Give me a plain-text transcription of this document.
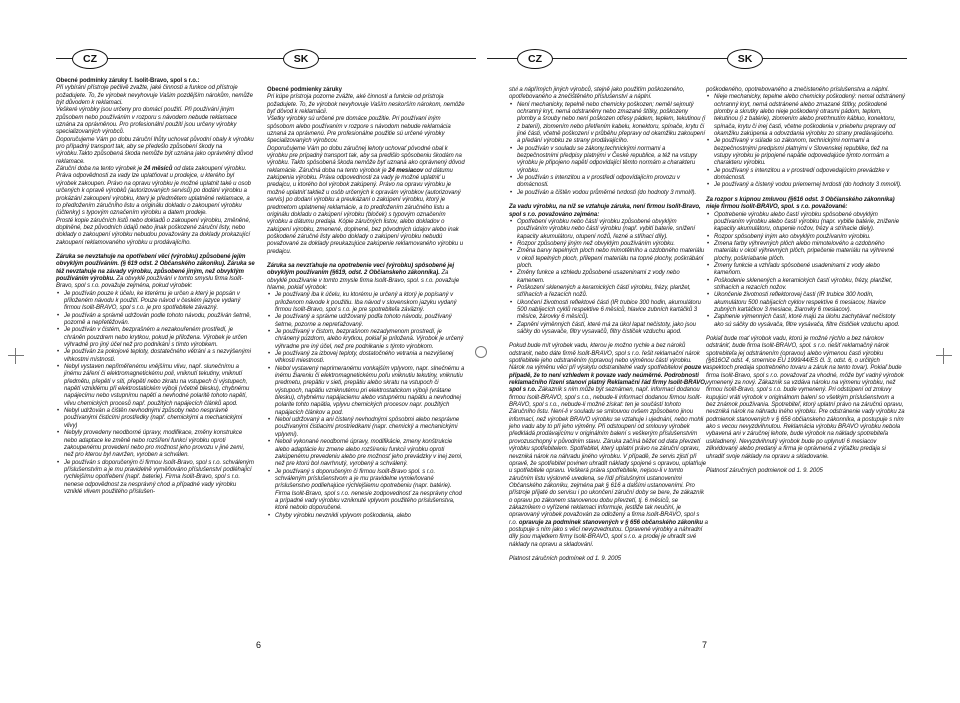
CZ	SK	CZ	SK

Obecné podmínky záruky f. Isolit-Bravo, spol s r.o.:

Při vybírání přístroje pečlivě zvažte, jaké činnosti a funkce od přístroje požadujete. To, že výrobek nevyhovuje Vašim pozdějším nárokům, nemůže být důvodem k reklamaci.

Veškeré výrobky jsou určeny pro domácí použití. Při používání jiným způsobem nebo používáním v rozporu s návodem nebude reklamace uznána za oprávněnou. Pro profesionální použití jsou určeny výrobky specializovaných výrobců.

Doporučujeme Vám po dobu záruční lhůty uchovat původní obaly k výrobku pro případný transport tak, aby se předešlo způsobení škody na výrobku.Takto způsobená škoda nemůže být uznána jako oprávněný důvod reklamace.

Záruční doba na tento výrobek je 24 měsíců od data zakoupení výrobku. Práva odpovědnosti za vady lze uplatňovat u prodejce, u kterého byl výrobek zakoupen. Právo na opravu výrobku je možné uplatnit také u osob určených k opravě výrobků (autorizovaných servisů) po dodání výrobku a prokázání zakoupení výrobku, který je předmětem uplatněné reklamace, a to předložením záručního listu a originálu dokladu o zakoupení výrobku (účtenky) s typovým označením výrobku a datem prodeje.

Prosté kopie záručních listů nebo dokladů o zakoupení výrobku, změněné, doplněné, bez původních údajů nebo jinak poškozené záruční listy, nebo doklady o zakoupení výrobku nebudou považovány za doklady prokazující zakoupení reklamovaného výrobku u prodávajícího.

Záruka se nevztahuje na opotřebení věcí (výrobku) způsobené jejím obvyklým používáním. (§ 619 odst. 2 Občanského zákoníku). Záruka se též nevztahuje na závady výrobku, způsobené jiným, než obvyklým používáním výrobku. Za obvyklé používání v tomto smyslu firma Isolit-Bravo, spol s r.o. považuje zejména, pokud výrobek:

• Je používán pouze k účelu, ke kterému je určen a který je popsán v přiloženém návodu k použití. Pouze návod v českém jazyce vydaný firmou Isolit-BRAVO, spol s r.o. je pro spotřebitele závazný.
• Je používán a správně udržován podle tohoto návodu, používán šetrně, pozorně a nepřetěžován.
• Je používán v čistém, bezprašném a nezakouřeném prostředí, je chráněn pouzdrem nebo krytkou, pokud je přiložena. Výrobek je určen výhradně pro jiný účel než pro podnikání s tímto výrobkem.
• Je používán za pokojové teploty, dostatečného větrání a s nezvýšenými vlhkostmi místnosti.
• Nebyl vystaven nepřiměřenému vnějšímu vlivu, např. slunečnímu a jinému záření či elektromagnetickému poli, vniknutí tekutiny, vniknutí předmětu, přepětí v síti, přepětí nebo zkratu na vstupech či výstupech, napětí vzniklému při elektrostatickém výboji (včetně blesku), chybnému napájecímu nebo vstupnímu napětí a nevhodné polaritě tohoto napětí, vlivu chemických procesů např. použitých napájecích článků apod.
• Nebyl udržován a čištěn nevhodnými způsoby nebo nesprávně používanými čisticími prostředky (např. chemickými a mechanickými vlivy)
• Nebyly provedeny neodborné úpravy, modifikace, změny konstrukce nebo adaptace ke změně nebo rozšíření funkcí výrobku oproti zakoupenému provedení nebo pro možnost jeho provozu v jiné zemi, než pro kterou byl navržen, vyroben a schválen.
• Je používán s doporučeným či firmou Isolit-Bravo, spol s r.o. schváleným příslušenstvím a je mu pravidelně vyměňováno příslušenství podléhající rychlejšímu opotřebení (např. baterie). Firma Isolit-Bravo, spol s r.o. nenese odpovědnost za nesprávný chod a případné vady výrobku vzniklé vlivem použitého příslušen-

Obecné podmienky záruky

Pri kúpe prístroja pozorne zvážte, aké činnosti a funkcie od prístroja požadujete. To, že výrobok nevyhovuje Vaším neskorším nárokom, nemôže byť dôvod k reklamácii.

Všetky výrobky sú určené pre domáce použitie. Pri používaní iným spôsobom alebo používaním v rozpore s návodom nebude reklamácia uznaná za oprávnenú. Pre profesionálne použitie sú určené výrobky špecializovaných výrobcov.

Doporučujeme Vám po dobu záručnej lehoty uchovať pôvodné obal k výrobku pre prípadný transport tak, aby sa predišlo spôsobeniu škodám na výrobku. Takto spôsobená škoda nemôže byť uznaná ako oprávnený dôvod reklamácie. Záručná doba na tento výrobok je 24 mesiacov od dátumu zakúpenia výrobku. Práva odpovednosti za vady je možné uplatniť u predajcu, u ktorého bol výrobok zakúpený. Právo na opravu výrobku je možné uplatniť taktiež u osôb určených k opravám výrobkov (autorizovaný servis) po dodaní výrobku a preukázaní o zakúpení výrobku, ktorý je predmetom uplatnenej reklamácie, a to predložením záručného listu a originálu dokladu o zakúpení výrobku (bloček) s typovým označením výrobku a dátumu predaja. Kópie záručných listov, alebo dokladov o zakúpení výrobku, zmenené, doplnené, bez pôvodných údajov alebo inak poškodené záručné listy alebo doklady o zakúpení výrobku nebudú považované za doklady preukazujúce zakúpenie reklamovaného výrobku u predajcu.

Záruka sa nevzťahuje na opotrebenie vecí (výrobku) spôsobené jej obvyklým používaním (§619, odst. 2 Občianskeho zákonníka). Za obvyklé používanie v tomto zmysle firma Isolit-Bravo, spol. s r.o. považuje hlavne, pokiaľ výrobok:

• Je používaný iba k účelu, ku ktorému je určený a ktorý je popísaný v priloženom návode k použitiu. Iba návod v slovenskom jazyku vydaný firmou Isolit-Bravo, spol s r.o. je pre spotrebiteľa záväzný.
• Je používaný a správne udržovaný podľa tohoto návodu, používaný šetrne, pozorne a nepreťažovaný.
• Je používaný v čistom, bezprašnom nezadymenom prostredí, je chránený púzdrom, alebo krytkou, pokiaľ je priložená. Výrobok je určený výhradne pre iný účel, než pre podnikanie s týmto výrobkom.
• Je používaný za izbovej teploty, dostatočného vetrania a nezvýšenej vlhkosti miestnosti.
• Nebol vystavený neprimeranému vonkajším vplyvom, napr. slnečnému a inému žiareniu či elektromagnetickému poľu vniknutiu tekutiny, vniknutiu predmetu, prepätiu v sieti, prepätiu alebo skratu na vstupoch či výstupoch, napätiu vzniknutému pri elektrostatickom výboji (vrátane blesku), chybnému napájaciemu alebo vstupnému napätiu a nevhodnej polarite tohto napätia, vplyvu chemických procesov napr. použitých napájacích článkov a pod.
• Nebol udržovaný a ani čistený nevhodnými spôsobmi alebo nesprávne používanými čistiacimi prostriedkami (napr. chemický a mechanickými vplyvmi).
• Neboli vykonané neodborné úpravy, modifikácie, zmeny konštrukcie alebo adaptácie ku zmene alebo rozšíreniu funkcii výrobku oproti zakúpenému prevedeniu alebo pre možnosť jeho prevádzky v inej zemi, než pre ktorú bol navrhnutý, vyrobený a schválený.
• Je používaný s doporučeným či firmou Isolit-Bravo spol. s r.o. schváleným príslušenstvom a je mu pravidelne vymieňované príslušenstvo podliehajúce rýchlejšiemu opotrebeniu (napr. batérie). Firma Isolit-Bravo, spol s r.o. nenesie zodpovednosť za nesprávny chod a prípadné vady výrobku vzniknuté vplyvom použitého príslušenstva, ktoré nebolo doporučené.
• Chyby výrobku nevznikli vplyvom poškodenia, alebo

stvi a nápřímých jiných výrobců, stejně jako použitím poškozeného, opotřebovaného a znečištěného příslušenství a náplní.

• Není mechanicky, tepelně nebo chemicky poškozen; neměl sejmutý ochranný kryt, nemá odstraněny nebo zmazané štítky, poškozeny plomby a šrouby nebo není poškozen otřesy pádem, teplem, tekutinou (i z baterií), zlomením nebo přetřením kabelu, konektoru, spínače, krytu či jiné části, včetně poškození v průběhu přepravy od okamžiku zakoupení a předání výrobku ze strany prodávajícího.
• Je používán v souladu se zákony,technickými normami a bezpečnostními předpisy platnými v České republice, a též na vstupy výrobku je připojeno napětí odpovídající těmto normám a charakteru výrobku.
• Je používán s intenzitou a v prostředí odpovídajícím provozu v domácnosti.
• Je používán a čištěn vodou průměrné tvrdosti (do hodnoty 3 mmol/l).

Za vadu výrobku, na níž se vztahuje záruka, není firmou Isolit-Bravo, spol s r.o. považováno zejména:

• Opotřebení výrobku nebo částí výrobku způsobené obvyklým používáním výrobku nebo částí výrobku (např. vybití baterie, snížení kapacity akumulátoru, otupení nožů, řezné a střihací díly).
• Rozpor způsobený jiným než obvyklým používáním výrobku.
• Změna barvy tepelných ploch nebo mimotělního a ozdobného materiálu v okolí tepelných ploch, přilepení materiálu na topné plochy, poškrábání ploch.
• Změny funkce a vzhledu způsobené usazeninami z vody nebo kamenem.
• Poškození sklenených a keramických částí výrobku, frézy, planžet, stříhacích a řezacích nožů.
• Ukončení životnosti reflektové části (IR trubice 300 hodin, akumulátoru 500 nabíjecích cyklů respektive 6 měsíců, hlavice zubních kartáčků 3 měsíce, žárovky 6 měsíců).
• Zapnění výměnných částí, které má za úkol lapat nečistoty, jako jsou sáčky do vysavače, filtry vysavačů, filtry čističek vzduchu apod.

Pokud bude mít výrobek vadu, kterou je možno rychle a bez nároků odstranit, nebo dáte firmě Isolit-BRAVO, spol s r.o. řešit reklamační nárok spotřebitele jeho odstraněním (opravou) nebo výměnou částí výrobku. Nárok na výměnu věci při výskytu odstranitelné vady spotřebitelovi pouze v případě, že to není vzhledem k povaze vady neúměrné. Podrobnosti reklamačního řízení stanoví platný Reklamační řád firmy Isolit-BRAVO, spol s r.o. Zákazník s ním může být seznámen, např. informací dodanou firmou Isolit-BRAVO, spol s r.o., nebude-li informací dodanou firmou Isolit-BRAVO, spol s r.o., nebude-li možné získat: ten je součástí tohoto Záručního listu. Není-li v souladu se smlouvou ovšem způsobeno jinou informací, než výrobek BRAVO výrobku se vztahuje i ujednání, nebo mohli jeho vadu aby to při jeho výměny. Při odstoupení od smlouvy výrobek předkládá prodávajícímu v originálním balení s veškerým příslušenstvím provozuschopný v původním stavu. Záruka začíná běžet od data převzetí výrobku spotřebitelem. Spotřebitel, který uplatní právo na záruční opravu, nevzniká nárok na náhradu jiného výrobku. V případě, že servis zjistí při opravě, že spotřebitel povinen uhradit náklady spojené s opravou, uplatňuje u spotřebitele opravu. Veškerá práva spotřebitele, nejsou-li v tomto záručním listu výslovně uvedena, se řídí příslušnými ustanoveními Občanského zákoníku, zejména pak § 616 a dalšími ustanoveními. Pro přístroje přijaté do servisu i po ukončení záruční doby se bere, že zákazník o opravu po zákonem stanovenou dobu převzetí, tj. 6 měsíců, se zákazníkem o vyřízené reklamaci informuje, jestliže tak neučiní, je opravovaný výrobek považován za odložený a firma Isolit-BRAVO, spol s r.o. opravuje za podmínek stanovených v § 656 občanského zákoníku a postupuje s ním jako s věcí nevyzvednutou. Opravené výrobky a náhradní díly jsou majetkem firmy Isolit-BRAVO, spol s r.o. a prodej je uhradit své náklady na opravu a skladování.

Platnost záručních podmínek od 1. 9. 2005

poškodeného, opotrebovaného a znečisteného príslušenstva a náplní.

• Nieje mechanicky, tepelne alebo chemicky poškodený: nemal odstránený ochranný kryt, nemá odstránené alebo zmazané štítky, poškodené plomby a skrutky alebo nieje poškodený otrasmi pádom, teplom, tekutinou (i z batérie), zlomením alebo pretrhnutím kábluo, konektoru, spínača, krytu či inej časti, včetne poškodenia v priebehu prepravy od okamžiku zakúpenia a odovzdania výrobku zo strany predávajúceho.
• Je používaný v súlade so zákonom, technickými normami a bezpečnostnými predpismi platnými v Slovenskej republike, tiež na vstupy výrobku je pripojené napätie odpovedajúce týmto normám a charakteru výrobku.
• Je používaný s intenzitou a v prostredí odpovedajúcim prevádzke v domácnosti.
• Je používaný a čistený vodou priemernej tvrdosti (do hodnoty 3 mmol/l).

Za rozpor s kúpnou zmluvou (§616 odst. 3 Občianského zákonníka) nieje firmou Isolit-BRAVO, spol. s r.o. považované:

• Opotrebenie výrobku alebo častí výrobku spôsobené obvyklým používaním výrobku alebo častí výrobku (napr. vybitie batérie, zníženie kapacity akumulátoru, otupenie nožov, frézy a stríhacie diely).
• Rozpor spôsobený iným ako obvyklým používaním výrobku.
• Zmena farby výhrevných plôch alebo mimotelového a ozdobného materiálu v okolí výhrevných plôch, pripečenie materiálu na výhrevné plochy, poškriabanie plôch.
• Zmeny funkcie a vzhľadu spôsobené usadeninami z vody alebo kameňom.
• Poškodenie sklenených a keramických častí výrobku, frézy, planžiet, strihacích a rezacích nožov.
• Ukončenie životnosti reflektorovej časti (IR trubice 300 hodín, akumulátoru 500 nabíjacích cyklov respektíve 6 mesiacov, hlavice zubných kartáčkov 3 mesiace, žiarovky 6 mesiacov).
• Zaplnenie výmenných častí, ktoré majú za úlohu zachytávať nečistoty ako sú sáčky do vysávača, filtre vysávača, filtre čističiek vzduchu apod.

Pokiaľ bude mať výrobok vadu, ktorú je možné rýchlo a bez nárokov odstrániť, bude firma Isolit-BRAVO, spol. s r.o. riešiť reklamačný nárok spotrebiteľa jej odstránením (opravou) alebo výmenou časti výrobku (§616OZ odst. 4, smernice EU 1999/44/ES čl. 3, odst. 6, o určitých aspektoch predaja spotrebného tovaru a záruk na tento tovar). Pokiaľ bude firma Isolit-Bravo, spol s r.o. považovať za vhodné, môže byť vadný výrobok vymenený za nový. Zákazník sa vzdáva nároku na výmenu výrobku, než firmou Isolit-Bravo, spol s r.o. bude vymenený. Pri odstúpení od zmluvy kupujúci vráti výrobok v originálnom balení so všetkým príslušenstvom a bez známok používania. Spotrebiteľ, ktorý uplatní právo na záručnú opravu, nevzniká nárok na náhradu iného výrobku. Pre odstránenie vady výrobku za podmienok stanovených v § 656 občianskeho zákonníka, a postupuje s ním ako s vecou nevyzdvihnutou. Reklamácia výrobku BRAVO výrobku nebola vybavená ani v záručnej lehote, bude výrobok na náklady spotrebiteľa uskladnený. Nevyzdvihnutý výrobok bude po uplynutí 6 mesiacov zlikvidovaný alebo predaný a firma je oprávnená z výťažku predaja si uhradiť svoje náklady na opravu a skladovanie.

Platnosť záručných podmienok od 1. 9. 2005

6	7
